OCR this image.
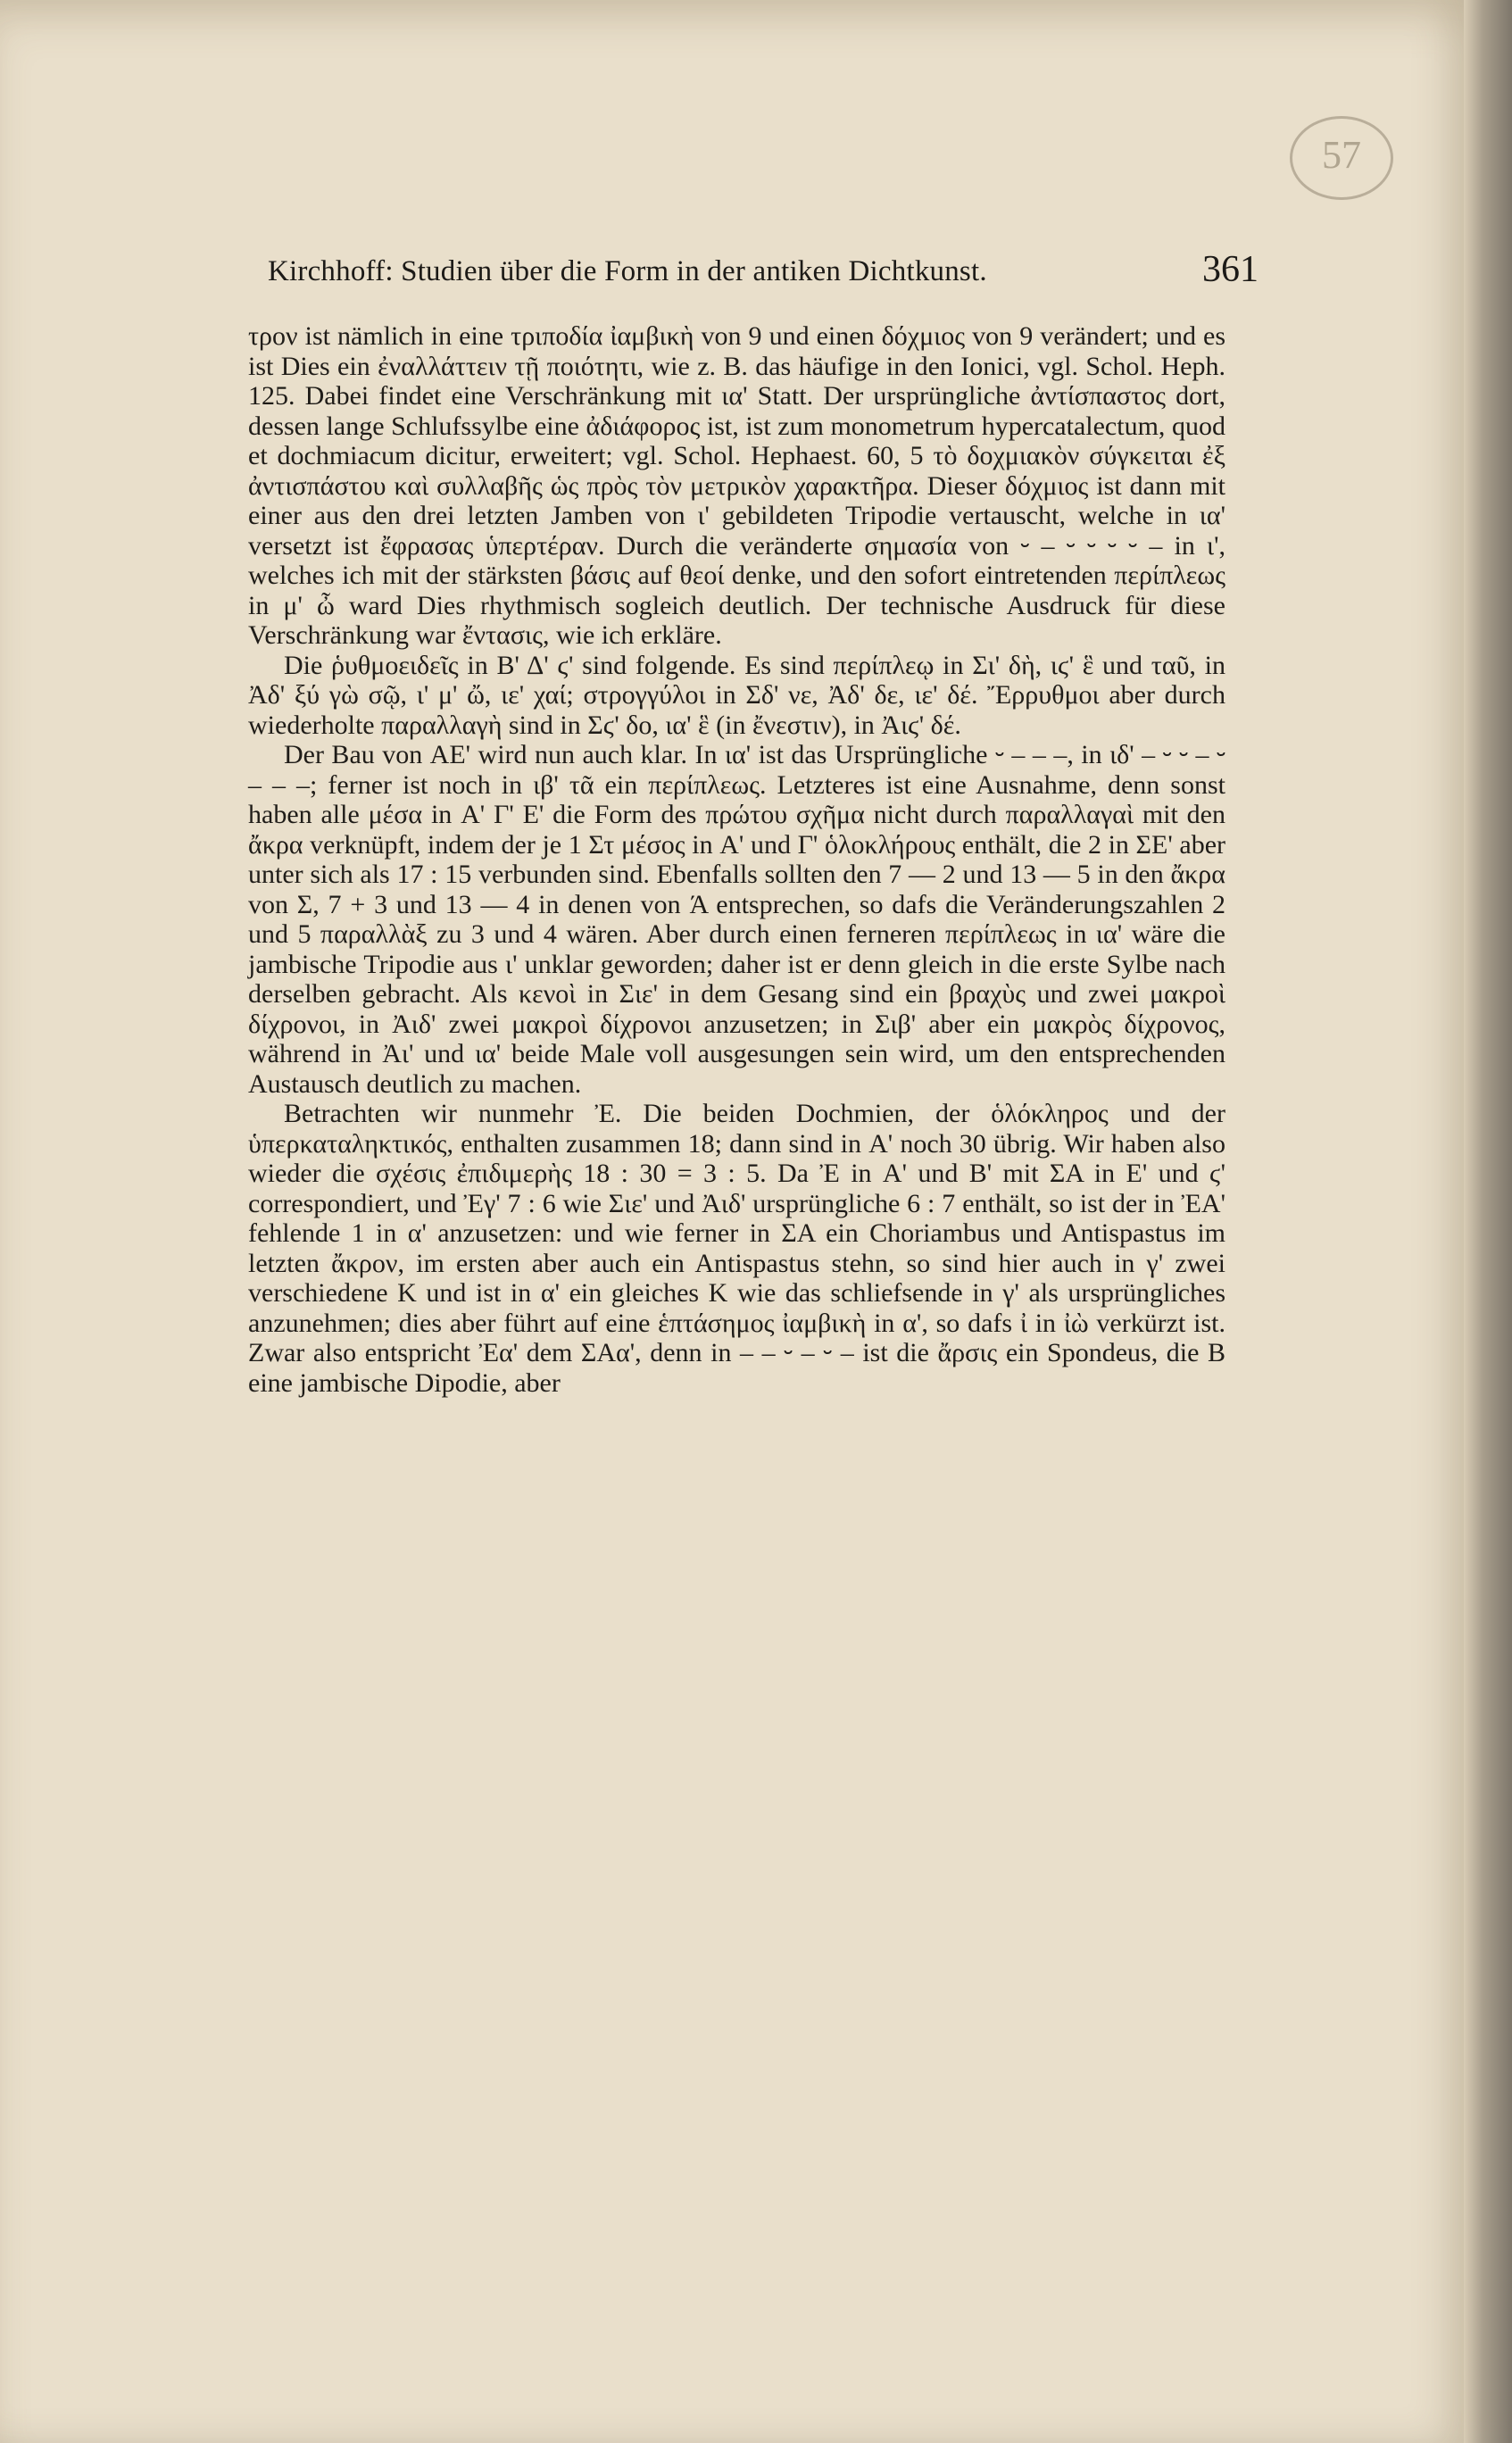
57
Kirchhoff: Studien über die Form in der antiken Dichtkunst.	361

τρον ist nämlich in eine τριποδία ἰαμβικὴ von 9 und einen δόχμιος von 9 verändert; und es ist Dies ein ἐναλλάττειν τῇ ποιότητι, wie z. B. das häufige in den Ionici, vgl. Schol. Heph. 125. Dabei findet eine Verschränkung mit ια' Statt. Der ursprüngliche ἀντίσπαστος dort, dessen lange Schlufssylbe eine ἀδιάφορος ist, ist zum monometrum hypercatalectum, quod et dochmiacum dicitur, erweitert; vgl. Schol. Hephaest. 60, 5 τὸ δοχμιακὸν σύγκειται ἐξ ἀντισπάστου καὶ συλλαβῆς ὡς πρὸς τὸν μετρικὸν χαρακτῆρα. Dieser δόχμιος ist dann mit einer aus den drei letzten Jamben von ι' gebildeten Tripodie vertauscht, welche in ια' versetzt ist ἔφρασας ὑπερτέραν. Durch die veränderte σημασία von ⏑ – ⏑ ⏑ ⏑ ⏑ – in ι', welches ich mit der stärksten βάσις auf θεοί denke, und den sofort eintretenden περίπλεως in μ' ὦ ward Dies rhythmisch sogleich deutlich. Der technische Ausdruck für diese Verschränkung war ἔντασις, wie ich erkläre.

Die ῥυθμοειδεῖς in Β' Δ' ϛ' sind folgende. Es sind περίπλεῳ in Σι' δὴ, ιϛ' ἓ und ταῦ, in Ἀδ' ξύ γὼ σῷ, ι' μ' ὤ, ιε' χαί; στρογγύλοι in Σδ' νε, Ἀδ' δε, ιε' δέ. Ἔρρυθμοι aber durch wiederholte παραλλαγὴ sind in Σϛ' δο, ια' ἓ (in ἔνεστιν), in Ἀιϛ' δέ.

Der Bau von ΑΕ' wird nun auch klar. In ια' ist das Ursprüngliche ⏑ – – –, in ιδ' – ⏑ ⏑ – ⏑ – – –; ferner ist noch in ιβ' τᾶ ein περίπλεως. Letzteres ist eine Ausnahme, denn sonst haben alle μέσα in Α' Γ' Ε' die Form des πρώτου σχῆμα nicht durch παραλλαγαὶ mit den ἄκρα verknüpft, indem der je 1 Στ μέσος in Α' und Γ' ὁλοκλήρους enthält, die 2 in ΣΕ' aber unter sich als 17 : 15 verbunden sind. Ebenfalls sollten den 7 — 2 und 13 — 5 in den ἄκρα von Σ, 7 + 3 und 13 — 4 in denen von Ά entsprechen, so dafs die Veränderungszahlen 2 und 5 παραλλὰξ zu 3 und 4 wären. Aber durch einen ferneren περίπλεως in ια' wäre die jambische Tripodie aus ι' unklar geworden; daher ist er denn gleich in die erste Sylbe nach derselben gebracht. Als κενοὶ in Σιε' in dem Gesang sind ein βραχὺς und zwei μακροὶ δίχρονοι, in Ἀιδ' zwei μακροὶ δίχρονοι anzusetzen; in Σιβ' aber ein μακρὸς δίχρονος, während in Ἀι' und ια' beide Male voll ausgesungen sein wird, um den entsprechenden Austausch deutlich zu machen.

Betrachten wir nunmehr Ἐ. Die beiden Dochmien, der ὁλόκληρος und der ὑπερκαταληκτικός, enthalten zusammen 18; dann sind in Α' noch 30 übrig. Wir haben also wieder die σχέσις ἐπιδιμερὴς 18 : 30 = 3 : 5. Da Ἐ in Α' und Β' mit ΣΑ in Ε' und ϛ' correspondiert, und Ἐγ' 7 : 6 wie Σιε' und Ἀιδ' ursprüngliche 6 : 7 enthält, so ist der in ἘΑ' fehlende 1 in α' anzusetzen: und wie ferner in ΣΑ ein Choriambus und Antispastus im letzten ἄκρον, im ersten aber auch ein Antispastus stehn, so sind hier auch in γ' zwei verschiedene Κ und ist in α' ein gleiches Κ wie das schliefsende in γ' als ursprüngliches anzunehmen; dies aber führt auf eine ἑπτάσημος ἰαμβικὴ in α', so dafs ἰ in ἰὼ verkürzt ist. Zwar also entspricht Ἐα' dem ΣΑα', denn in – – ⏑ – ⏑ – ist die ἄρσις ein Spondeus, die Β eine jambische Dipodie, aber
